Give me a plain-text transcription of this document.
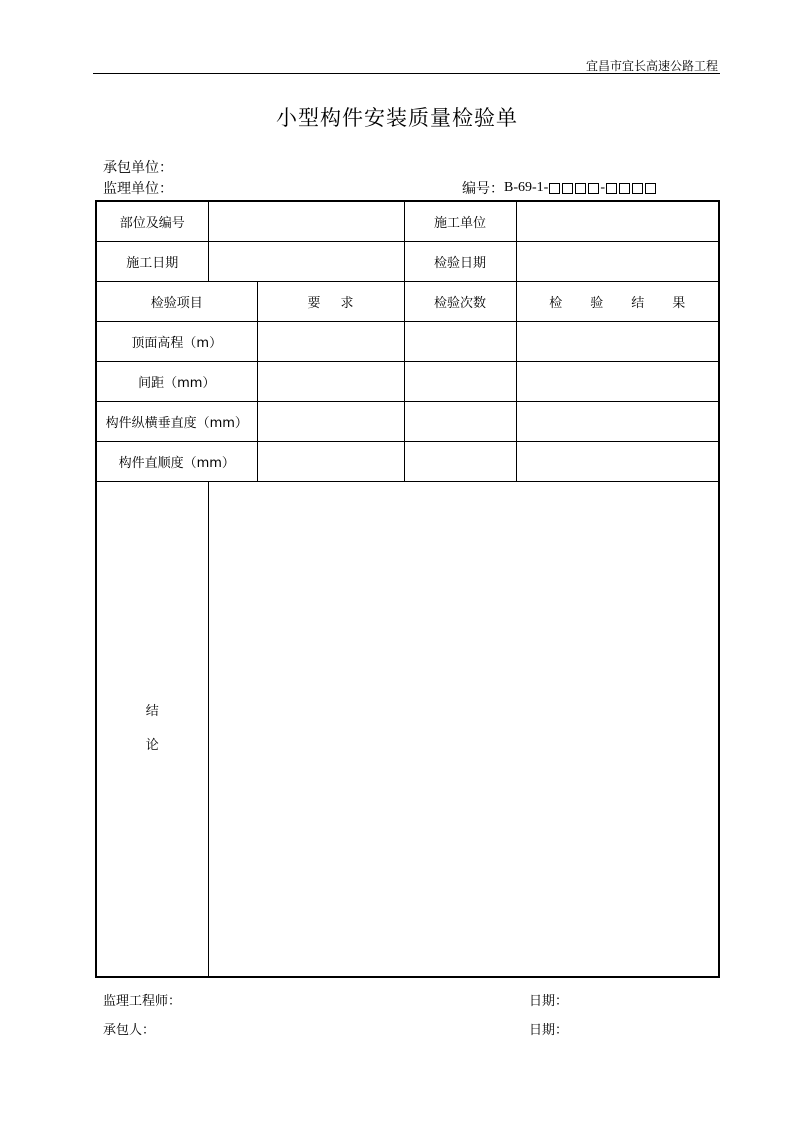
宜昌市宜长高速公路工程
小型构件安装质量检验单
承包单位：
监理单位：	编号： B-69-1-	-
部位及编号			施工单位	
施工日期			检验日期	
检验项目		要求	检验次数	检验结果
顶面高程（m）				
间距（mm）				
构件纵横垂直度（mm）				
构件直顺度（mm）				

结
论				

监理工程师：	日期：
承包人：	日期：
